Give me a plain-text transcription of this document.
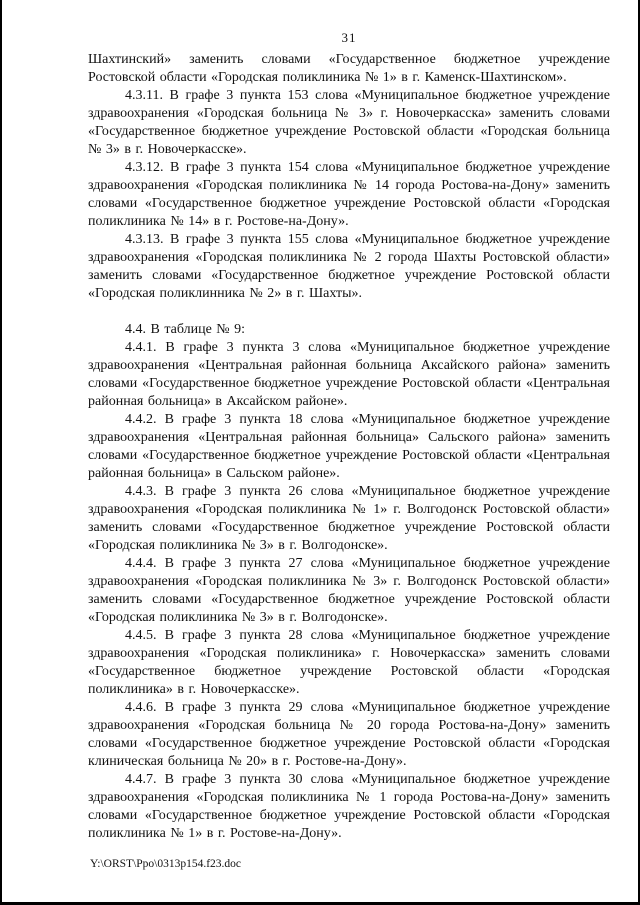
31

Шахтинский» заменить словами «Государственное бюджетное учреждение Ростовской области «Городская поликлиника № 1» в г. Каменск-Шахтинском».

4.3.11. В графе 3 пункта 153 слова «Муниципальное бюджетное учреждение здравоохранения «Городская больница № 3» г. Новочеркасска» заменить словами «Государственное бюджетное учреждение Ростовской области «Городская больница № 3» в г. Новочеркасске».

4.3.12. В графе 3 пункта 154 слова «Муниципальное бюджетное учреждение здравоохранения «Городская поликлиника № 14 города Ростова-на-Дону» заменить словами «Государственное бюджетное учреждение Ростовской области «Городская поликлиника № 14» в г. Ростове-на-Дону».

4.3.13. В графе 3 пункта 155 слова «Муниципальное бюджетное учреждение здравоохранения «Городская поликлиника № 2 города Шахты Ростовской области» заменить словами «Государственное бюджетное учреждение Ростовской области «Городская поликлинника № 2» в г. Шахты».

4.4. В таблице № 9:

4.4.1. В графе 3 пункта 3 слова «Муниципальное бюджетное учреждение здравоохранения «Центральная районная больница Аксайского района» заменить словами «Государственное бюджетное учреждение Ростовской области «Центральная районная больница» в Аксайском районе».

4.4.2. В графе 3 пункта 18 слова «Муниципальное бюджетное учреждение здравоохранения «Центральная районная больница» Сальского района» заменить словами «Государственное бюджетное учреждение Ростовской области «Центральная районная больница» в Сальском районе».

4.4.3. В графе 3 пункта 26 слова «Муниципальное бюджетное учреждение здравоохранения «Городская поликлиника № 1» г. Волгодонск Ростовской области» заменить словами «Государственное бюджетное учреждение Ростовской области «Городская поликлиника № 3» в г. Волгодонске».

4.4.4. В графе 3 пункта 27 слова «Муниципальное бюджетное учреждение здравоохранения «Городская поликлиника № 3» г. Волгодонск Ростовской области» заменить словами «Государственное бюджетное учреждение Ростовской области «Городская поликлиника № 3» в г. Волгодонске».

4.4.5. В графе 3 пункта 28 слова «Муниципальное бюджетное учреждение здравоохранения «Городская поликлиника» г. Новочеркасска» заменить словами «Государственное бюджетное учреждение Ростовской области «Городская поликлиника» в г. Новочеркасске».

4.4.6. В графе 3 пункта 29 слова «Муниципальное бюджетное учреждение здравоохранения «Городская больница № 20 города Ростова-на-Дону» заменить словами «Государственное бюджетное учреждение Ростовской области «Городская клиническая больница № 20» в г. Ростове-на-Дону».

4.4.7. В графе 3 пункта 30 слова «Муниципальное бюджетное учреждение здравоохранения «Городская поликлиника № 1 города Ростова-на-Дону» заменить словами «Государственное бюджетное учреждение Ростовской области «Городская поликлиника № 1» в г. Ростове-на-Дону».

Y:\ORST\Ppo\0313p154.f23.doc
